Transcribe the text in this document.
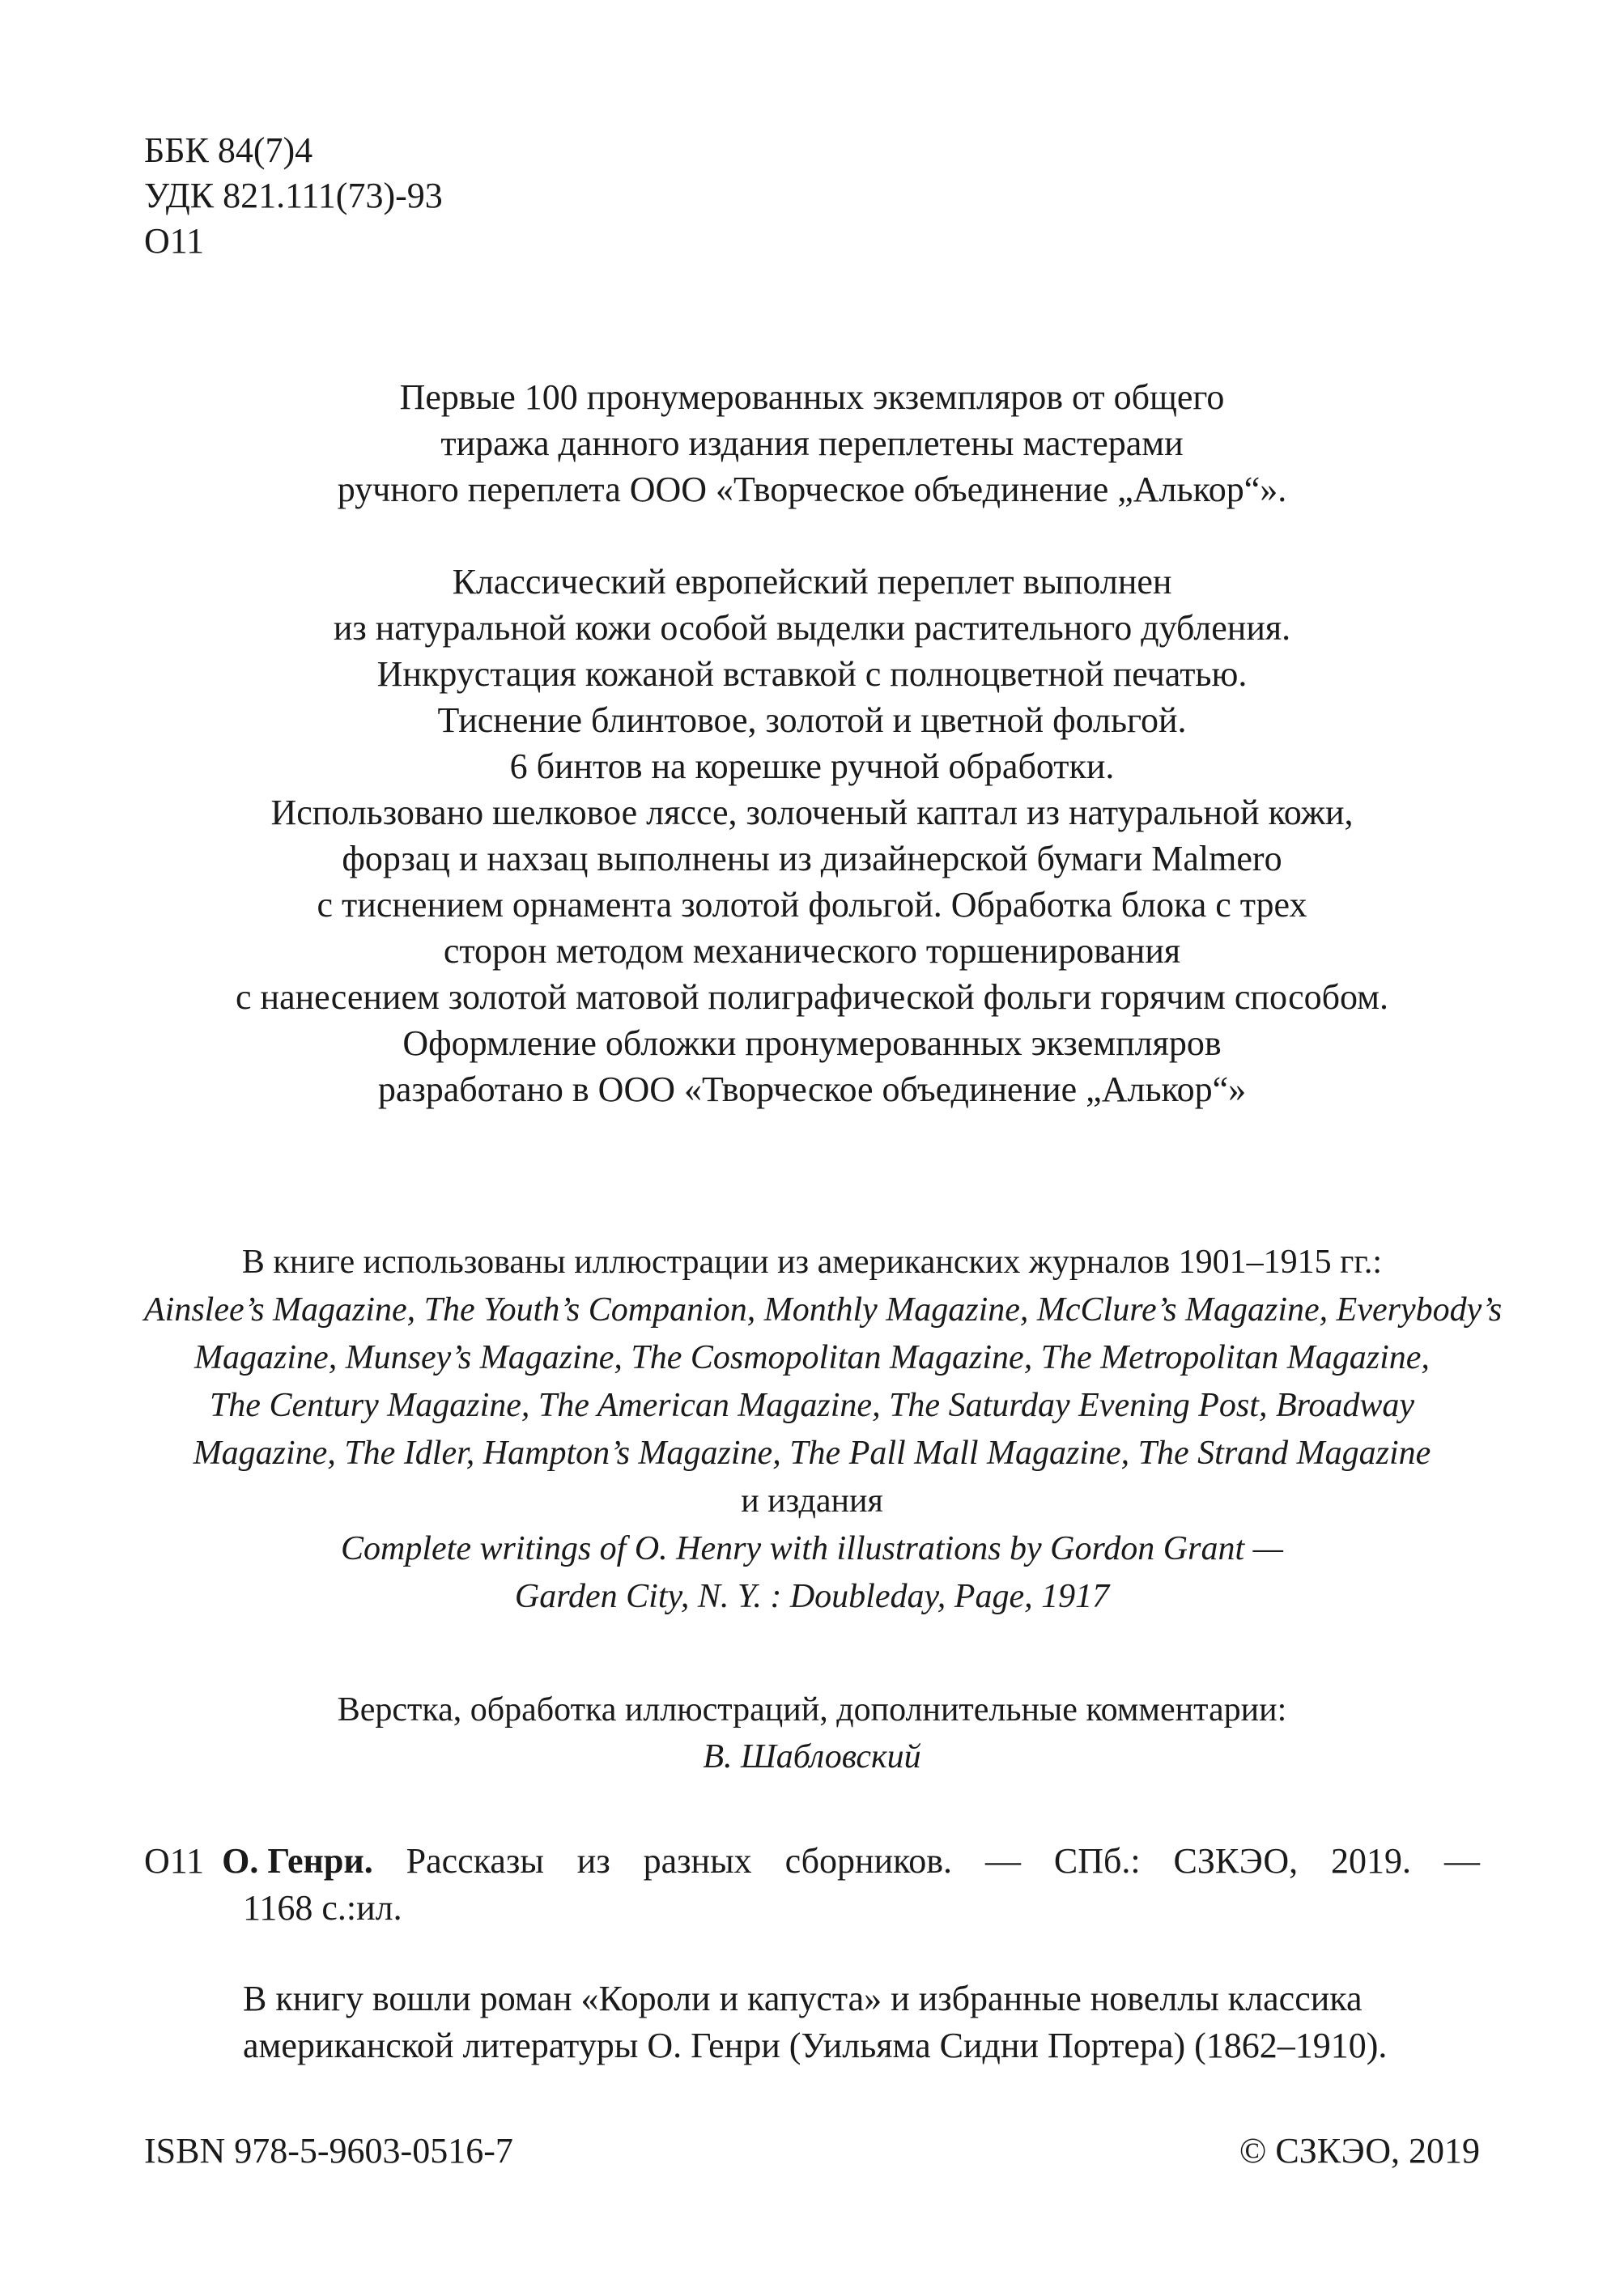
ББК 84(7)4
УДК 821.111(73)-93
О11
Первые 100 пронумерованных экземпляров от общего
тиража данного издания переплетены мастерами
ручного переплета ООО «Творческое объединение „Алькор“».
Классический европейский переплет выполнен
из натуральной кожи особой выделки растительного дубления.
Инкрустация кожаной вставкой с полноцветной печатью.
Тиснение блинтовое, золотой и цветной фольгой.
6 бинтов на корешке ручной обработки.
Использовано шелковое ляссе, золоченый каптал из натуральной кожи,
форзац и нахзац выполнены из дизайнерской бумаги Malmero
с тиснением орнамента золотой фольгой. Обработка блока с трех
сторон методом механического торшенирования
с нанесением золотой матовой полиграфической фольги горячим способом.
Оформление обложки пронумерованных экземпляров
разработано в ООО «Творческое объединение „Алькор“»
В книге использованы иллюстрации из американских журналов 1901–1915 гг.:
Ainslee’s Magazine, The Youth’s Companion, Monthly Magazine, McClure’s Magazine, Everybody’s
Magazine, Munsey’s Magazine, The Cosmopolitan Magazine, The Metropolitan Magazine,
The Century Magazine, The American Magazine, The Saturday Evening Post, Broadway
Magazine, The Idler, Hampton’s Magazine, The Pall Mall Magazine, The Strand Magazine
и издания
Complete writings of O. Henry with illustrations by Gordon Grant —
Garden City, N. Y. : Doubleday, Page, 1917
Верстка, обработка иллюстраций, дополнительные комментарии:
В. Шабловский
О11 О. Генри. Рассказы из разных сборников. — СПб.: СЗКЭО, 2019. —
1168 с.:ил.
В книгу вошли роман «Короли и капуста» и избранные новеллы классика
американской литературы О. Генри (Уильяма Сидни Портера) (1862–1910).
ISBN 978-5-9603-0516-7	© СЗКЭО, 2019
